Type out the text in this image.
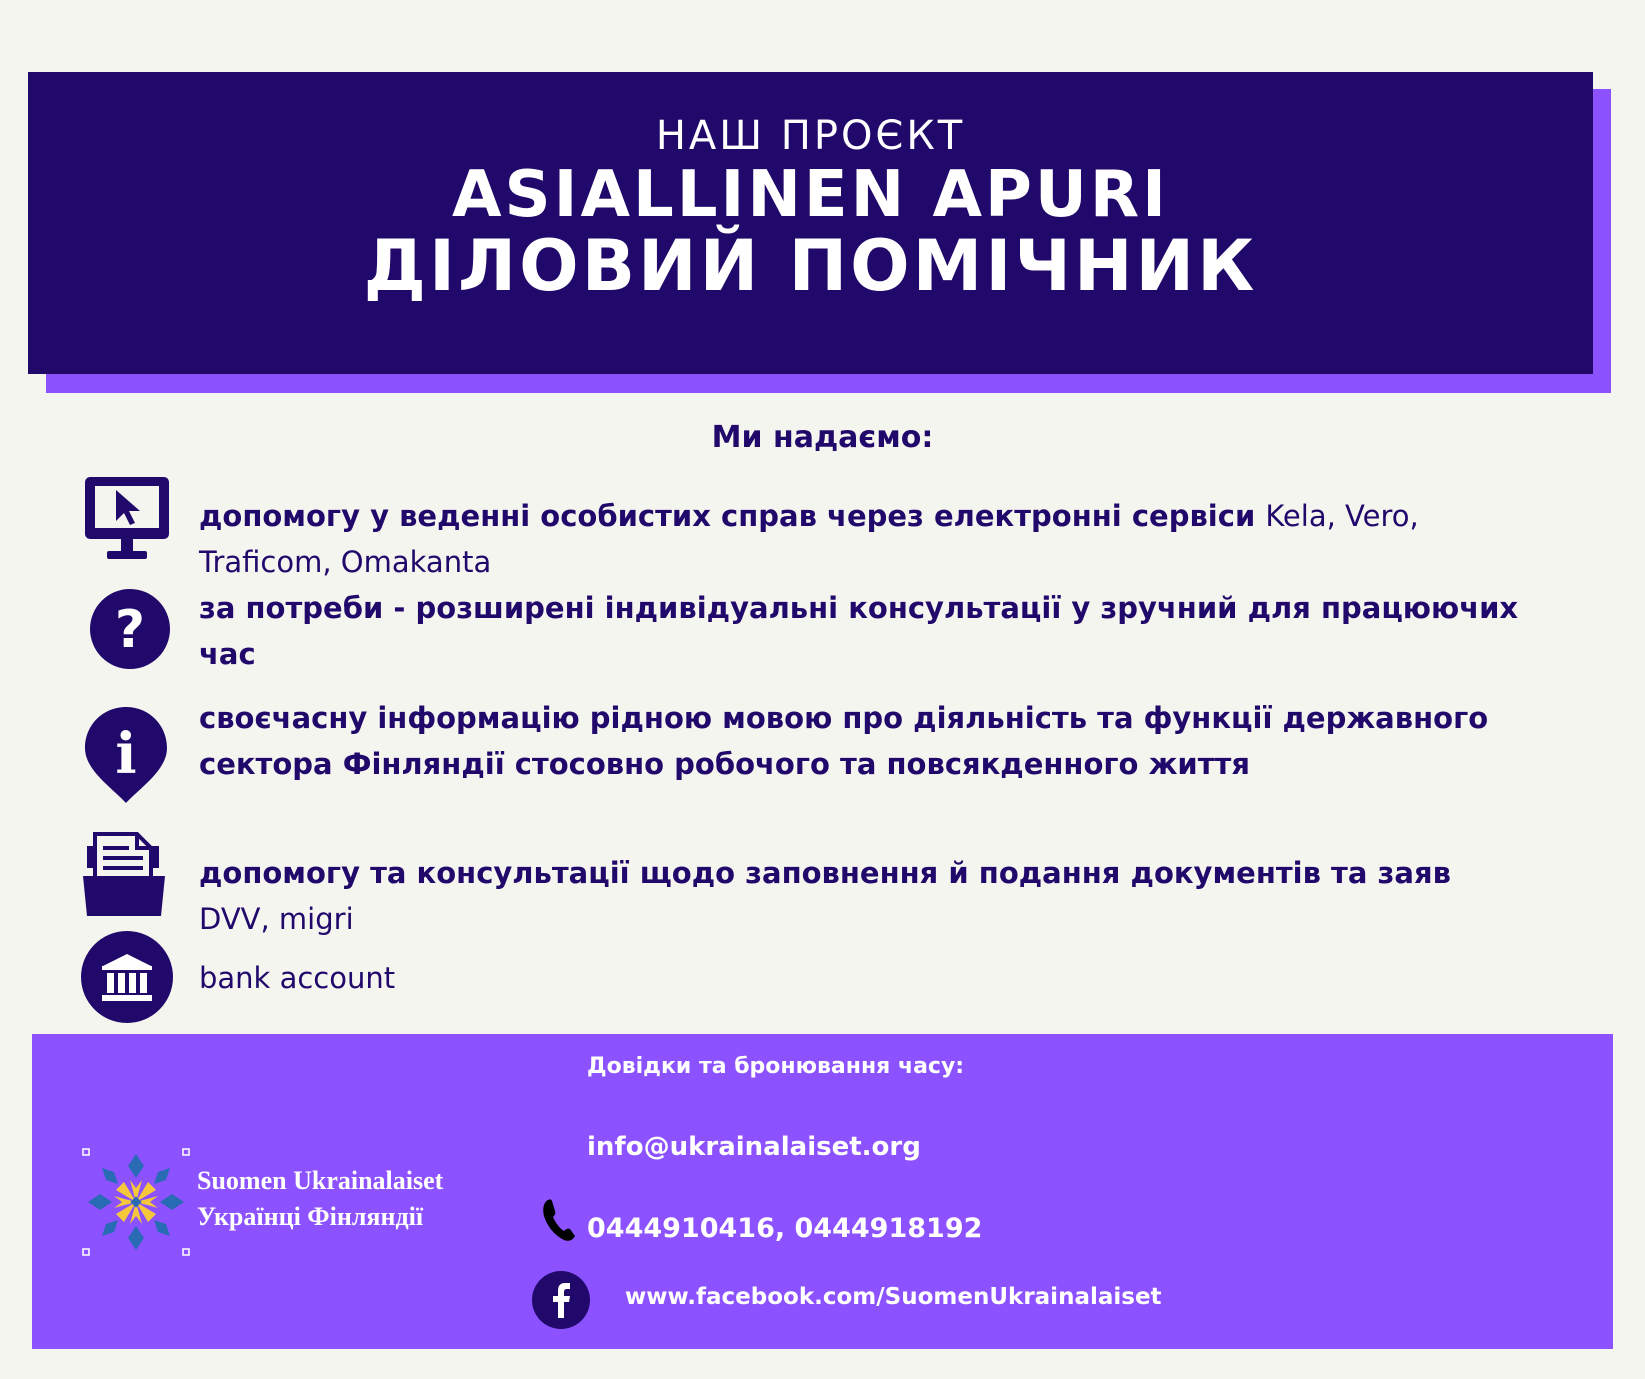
НАШ ПРОЄКТ
ASIALLINEN APURI
ДІЛОВИЙ ПОМІЧНИК
Ми надаємо:
?
i
допомогу у веденні особистих справ через електронні сервіси Kela, Vero, Traficom, Omakanta
за потреби - розширені індивідуальні консультації у зручний для працюючих час
своєчасну інформацію рідною мовою про діяльність та функції державного сектора Фінляндії стосовно робочого та повсякденного життя
допомогу та консультації щодо заповнення й подання документів та заяв DVV, migri
bank account
Suomen Ukrainalaiset
Українці Фінляндії
Довідки та бронювання часу:
info@ukrainalaiset.org
0444910416, 0444918192
www.facebook.com/SuomenUkrainalaiset
